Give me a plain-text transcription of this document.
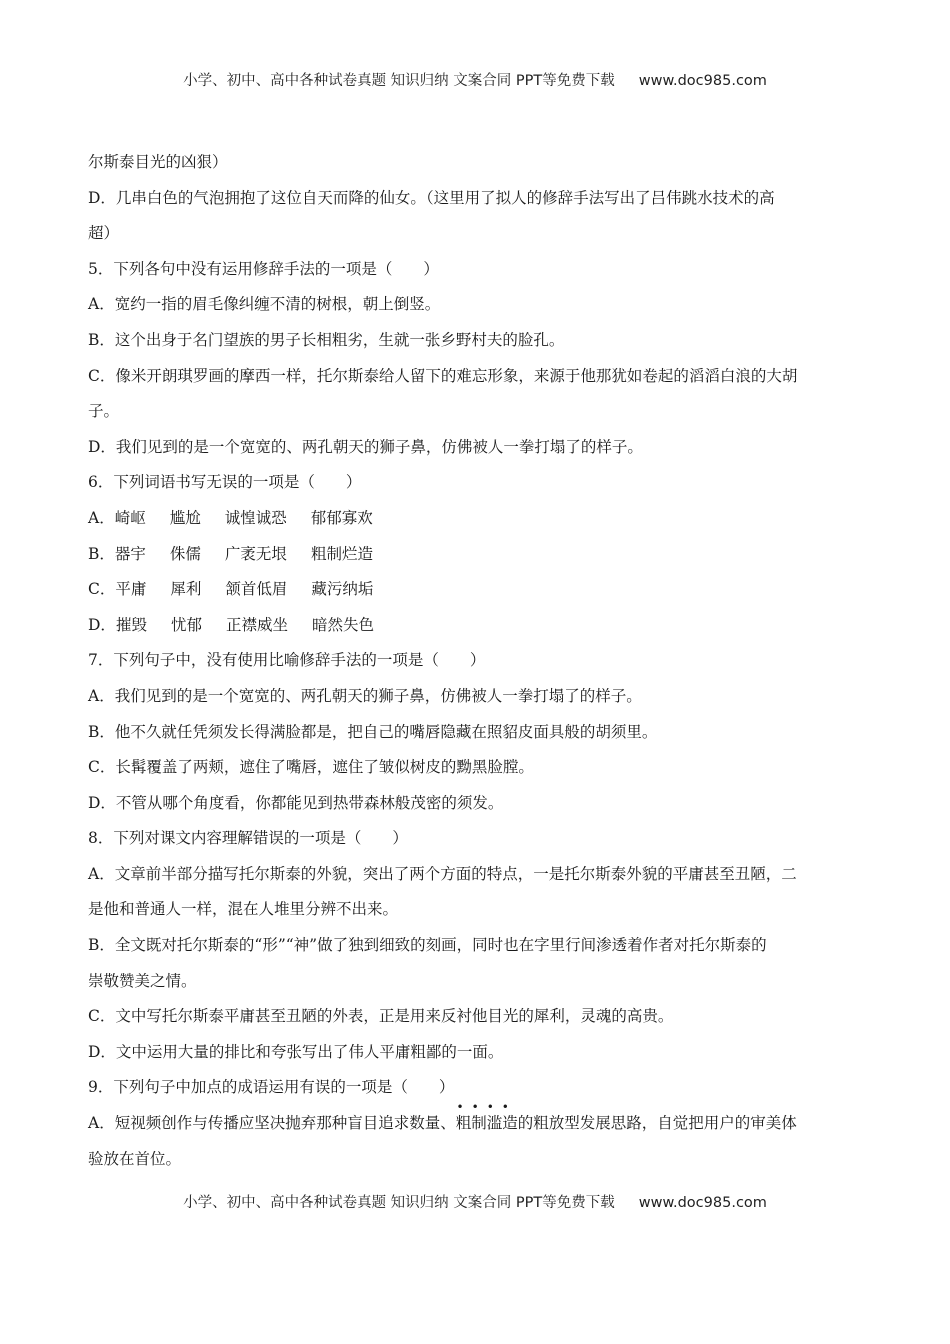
小学、初中、高中各种试卷真题 知识归纳 文案合同 PPT等免费下载 www.doc985.com
尔斯泰目光的凶狠）
D．几串白色的气泡拥抱了这位自天而降的仙女。（这里用了拟人的修辞手法写出了吕伟跳水技术的高
超）
5．下列各句中没有运用修辞手法的一项是（　　）
A．宽约一指的眉毛像纠缠不清的树根，朝上倒竖。
B．这个出身于名门望族的男子长相粗劣，生就一张乡野村夫的脸孔。
C．像米开朗琪罗画的摩西一样，托尔斯泰给人留下的难忘形象，来源于他那犹如卷起的滔滔白浪的大胡
子。
D．我们见到的是一个宽宽的、两孔朝天的狮子鼻，仿佛被人一拳打塌了的样子。
6．下列词语书写无误的一项是（　　）
A．崎岖 尴尬 诚惶诚恐 郁郁寡欢
B．器宇 侏儒 广袤无垠 粗制烂造
C．平庸 犀利 颔首低眉 藏污纳垢
D．摧毁 忧郁 正襟威坐 暗然失色
7．下列句子中，没有使用比喻修辞手法的一项是（　　）
A．我们见到的是一个宽宽的、两孔朝天的狮子鼻，仿佛被人一拳打塌了的样子。
B．他不久就任凭须发长得满脸都是，把自己的嘴唇隐藏在照貂皮面具般的胡须里。
C．长髯覆盖了两颊，遮住了嘴唇，遮住了皱似树皮的黝黑脸膛。
D．不管从哪个角度看，你都能见到热带森林般茂密的须发。
8．下列对课文内容理解错误的一项是（　　）
A．文章前半部分描写托尔斯泰的外貌，突出了两个方面的特点，一是托尔斯泰外貌的平庸甚至丑陋，二
是他和普通人一样，混在人堆里分辨不出来。
B．全文既对托尔斯泰的“形”“神”做了独到细致的刻画，同时也在字里行间渗透着作者对托尔斯泰的
崇敬赞美之情。
C．文中写托尔斯泰平庸甚至丑陋的外表，正是用来反衬他目光的犀利，灵魂的高贵。
D．文中运用大量的排比和夸张写出了伟人平庸粗鄙的一面。
9．下列句子中加点的成语运用有误的一项是（　　）
A．短视频创作与传播应坚决抛弃那种盲目追求数量、
••••
粗制滥造的粗放型发展思路，自觉把用户的审美体
验放在首位。
小学、初中、高中各种试卷真题 知识归纳 文案合同 PPT等免费下载 www.doc985.com
